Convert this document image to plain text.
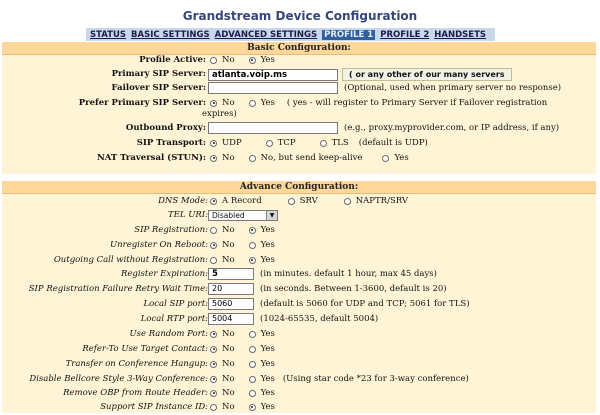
Grandstream Device Configuration
STATUS BASIC SETTINGS ADVANCED SETTINGS PROFILE 1 PROFILE 2 HANDSETS
Basic Configuration:
Profile Active: No	Yes
Primary SIP Server: atlanta.voip.ms	( or any other of our many servers
Failover SIP Server:	(Optional, used when primary server no response)
Prefer Primary SIP Server: No	Yes ( yes - will register to Primary Server if Failover registration
expires)
Outbound Proxy:	(e.g., proxy.myprovider.com, or IP address, if any)
SIP Transport: UDP	TCP	TLS (default is UDP)
NAT Traversal (STUN): No	No, but send keep-alive	Yes
Advance Configuration:
DNS Mode: A Record	SRV	NAPTR/SRV
TEL URI: Disabled	▼
SIP Registration: No	Yes
Unregister On Reboot: No	Yes
Outgoing Call without Registration: No	Yes
Register Expiration: 5	(in minutes. default 1 hour, max 45 days)
SIP Registration Failure Retry Wait Time: 20	(in seconds. Between 1-3600, default is 20)
Local SIP port: 5060	(default is 5060 for UDP and TCP; 5061 for TLS)
Local RTP port: 5004	(1024-65535, default 5004)
Use Random Port: No	Yes
Refer-To Use Target Contact: No	Yes
Transfer on Conference Hangup: No	Yes
Disable Bellcore Style 3-Way Conference: No	Yes (Using star code *23 for 3-way conference)
Remove OBP from Route Header: No	Yes
Support SIP Instance ID: No	Yes
